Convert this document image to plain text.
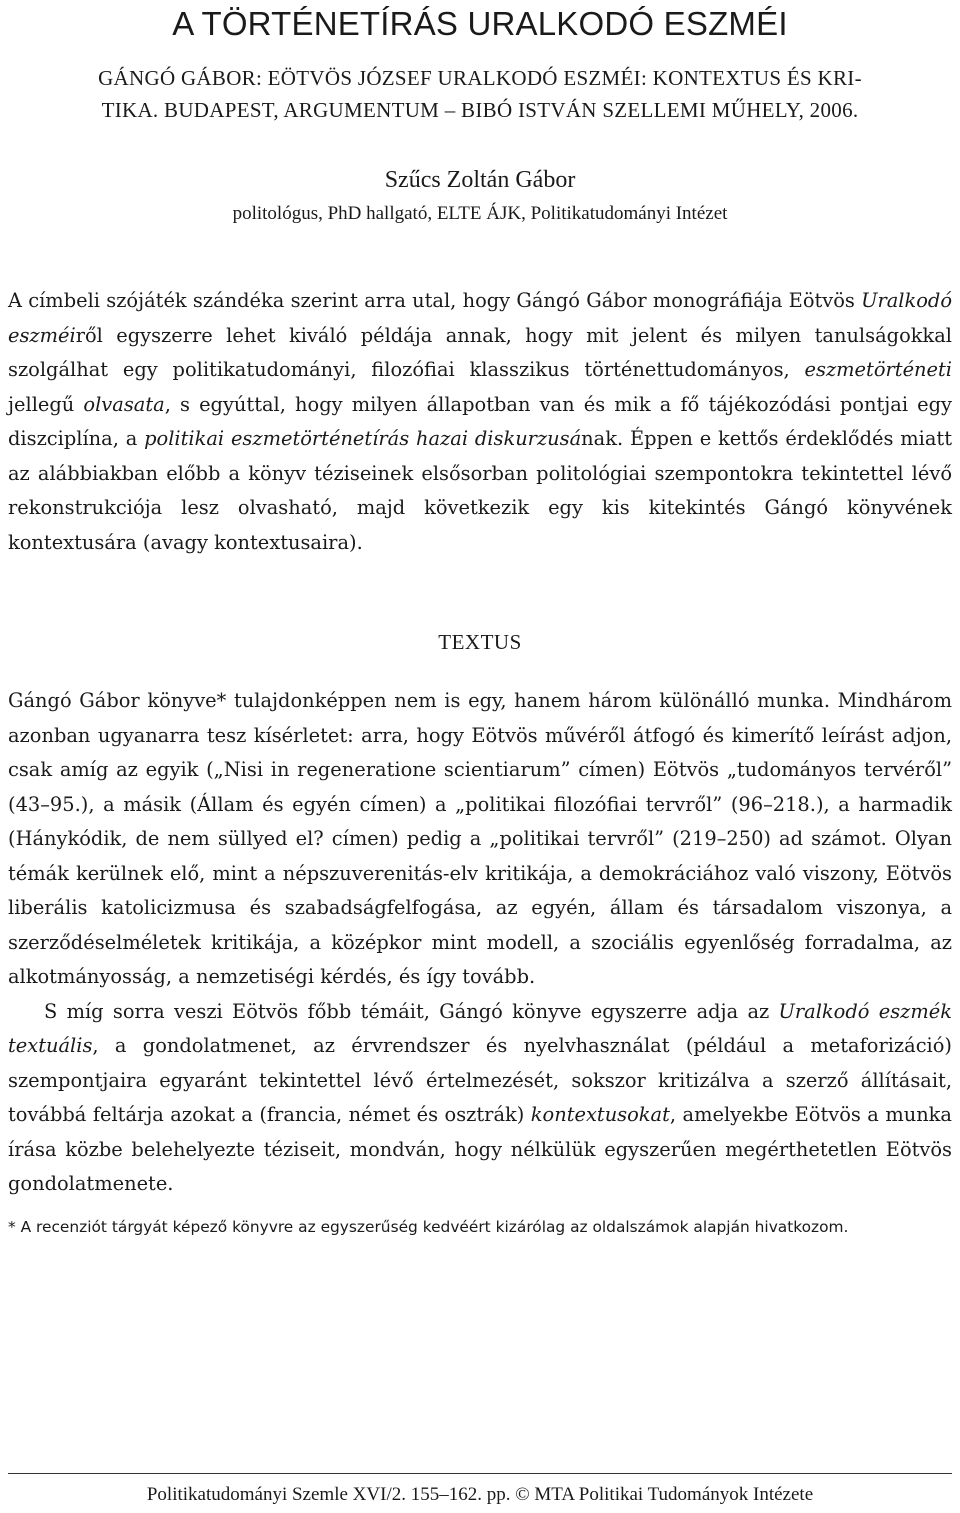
A TÖRTÉNETÍRÁS URALKODÓ ESZMÉI
GÁNGÓ GÁBOR: EÖTVÖS JÓZSEF URALKODÓ ESZMÉI: KONTEXTUS ÉS KRI-
TIKA. BUDAPEST, ARGUMENTUM – BIBÓ ISTVÁN SZELLEMI MŰHELY, 2006.
Szűcs Zoltán Gábor
politológus, PhD hallgató, ELTE ÁJK, Politikatudományi Intézet

A címbeli szójáték szándéka szerint arra utal, hogy Gángó Gábor monográfiája Eötvös Uralkodó eszméiről egyszerre lehet kiváló példája annak, hogy mit jelent és milyen tanulságokkal szolgálhat egy politikatudományi, filozófiai klasszikus történettudományos, eszmetörténeti jellegű olvasata, s egyúttal, hogy milyen állapotban van és mik a fő tájékozódási pontjai egy diszciplína, a politikai eszmetörténetírás hazai diskurzusának. Éppen e kettős érdeklődés miatt az alábbiakban előbb a könyv téziseinek elsősorban politológiai szempontokra tekintettel lévő rekonstrukciója lesz olvasható, majd következik egy kis kitekintés Gángó könyvének kontextusára (avagy kontextusaira).

TEXTUS

Gángó Gábor könyve* tulajdonképpen nem is egy, hanem három különálló munka. Mindhárom azonban ugyanarra tesz kísérletet: arra, hogy Eötvös művéről átfogó és kimerítő leírást adjon, csak amíg az egyik („Nisi in regeneratione scientiarum” címen) Eötvös „tudományos tervéről” (43–95.), a másik (Állam és egyén címen) a „politikai filozófiai tervről” (96–218.), a harmadik (Hánykódik, de nem süllyed el? címen) pedig a „politikai tervről” (219–250) ad számot. Olyan témák kerülnek elő, mint a népszuverenitás-elv kritikája, a demokráciához való viszony, Eötvös liberális katolicizmusa és szabadságfelfogása, az egyén, állam és társadalom viszonya, a szerződéselméletek kritikája, a középkor mint modell, a szociális egyenlőség forradalma, az alkotmányosság, a nemzetiségi kérdés, és így tovább.

S míg sorra veszi Eötvös főbb témáit, Gángó könyve egyszerre adja az Uralkodó eszmék textuális, a gondolatmenet, az érvrendszer és nyelvhasználat (például a metaforizáció) szempontjaira egyaránt tekintettel lévő értelmezését, sokszor kritizálva a szerző állításait, továbbá feltárja azokat a (francia, német és osztrák) kontextusokat, amelyekbe Eötvös a munka írása közbe belehelyezte téziseit, mondván, hogy nélkülük egyszerűen megérthetetlen Eötvös gondolatmenete.

* A recenziót tárgyát képező könyvre az egyszerűség kedvéért kizárólag az oldalszámok alapján hivatkozom.
Politikatudományi Szemle XVI/2. 155–162. pp. © MTA Politikai Tudományok Intézete
